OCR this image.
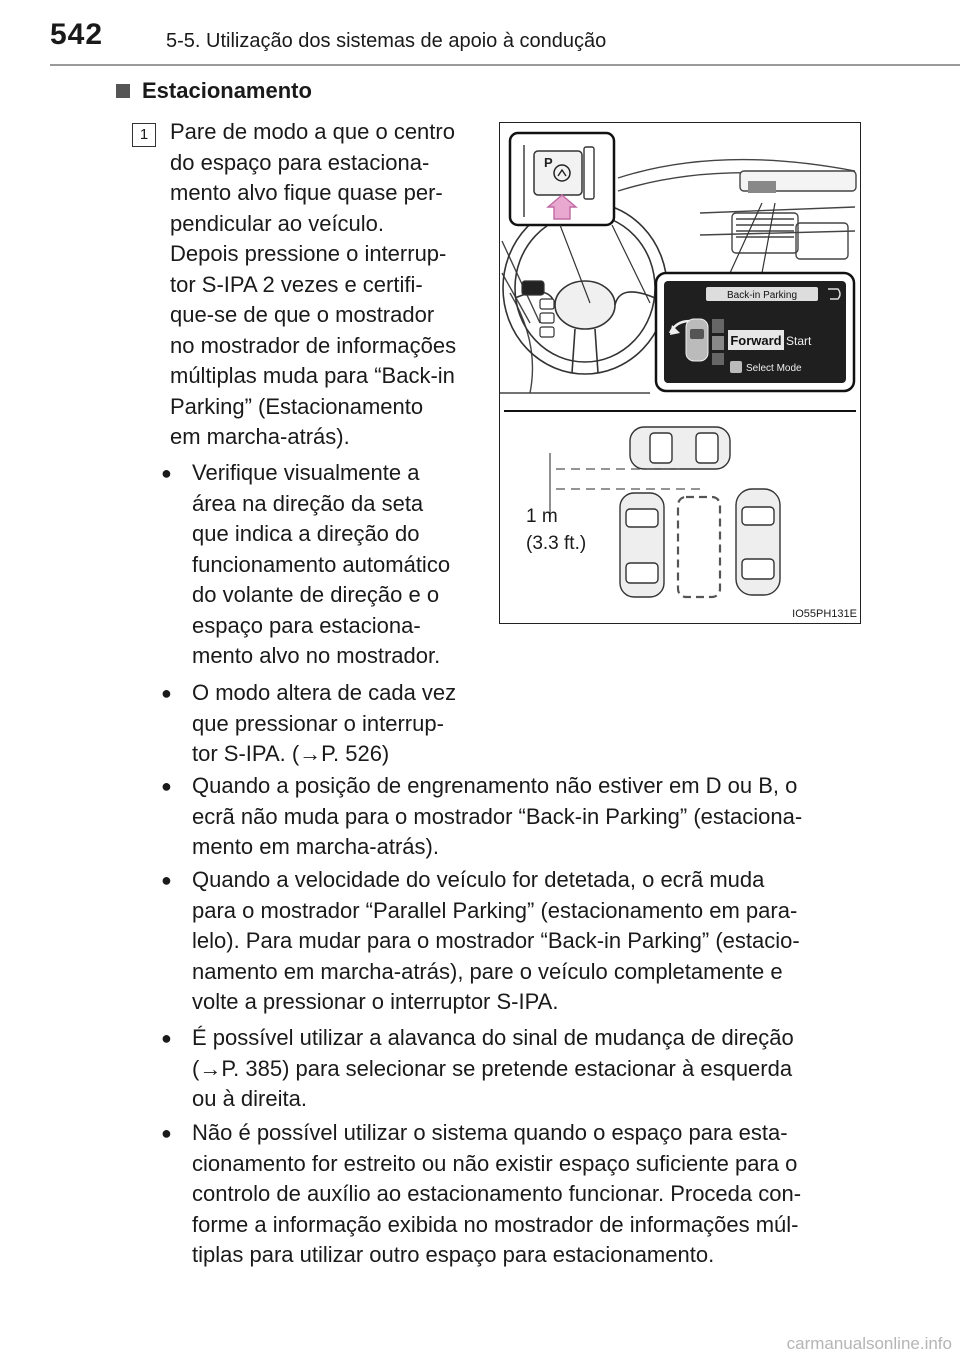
542	5-5. Utilização dos sistemas de apoio à condução
Estacionamento
1 Pare de modo a que o centro
do espaço para estaciona-
mento alvo fique quase per-
pendicular ao veículo.
Depois pressione o interrup-
tor S-IPA 2 vezes e certifi-
que-se de que o mostrador
no mostrador de informações
múltiplas muda para “Back-in
Parking” (Estacionamento
em marcha-atrás).
● Verifique visualmente a
área na direção da seta
que indica a direção do
funcionamento automático
do volante de direção e o
espaço para estaciona-
mento alvo no mostrador.
● O modo altera de cada vez
que pressionar o interrup-
tor S-IPA. (→P. 526)
● Quando a posição de engrenamento não estiver em D ou B, o
ecrã não muda para o mostrador “Back-in Parking” (estaciona-
mento em marcha-atrás).
● Quando a velocidade do veículo for detetada, o ecrã muda
para o mostrador “Parallel Parking” (estacionamento em para-
lelo). Para mudar para o mostrador “Back-in Parking” (estacio-
namento em marcha-atrás), pare o veículo completamente e
volte a pressionar o interruptor S-IPA.
● É possível utilizar a alavanca do sinal de mudança de direção
(→P. 385) para selecionar se pretende estacionar à esquerda
ou à direita.
● Não é possível utilizar o sistema quando o espaço para esta-
cionamento for estreito ou não existir espaço suficiente para o
controlo de auxílio ao estacionamento funcionar. Proceda con-
forme a informação exibida no mostrador de informações múl-
tiplas para utilizar outro espaço para estacionamento.
P
Back-in Parking
Forward Start
Select Mode
1 m
(3.3 ft.)
IO55PH131E
carmanualsonline.info
